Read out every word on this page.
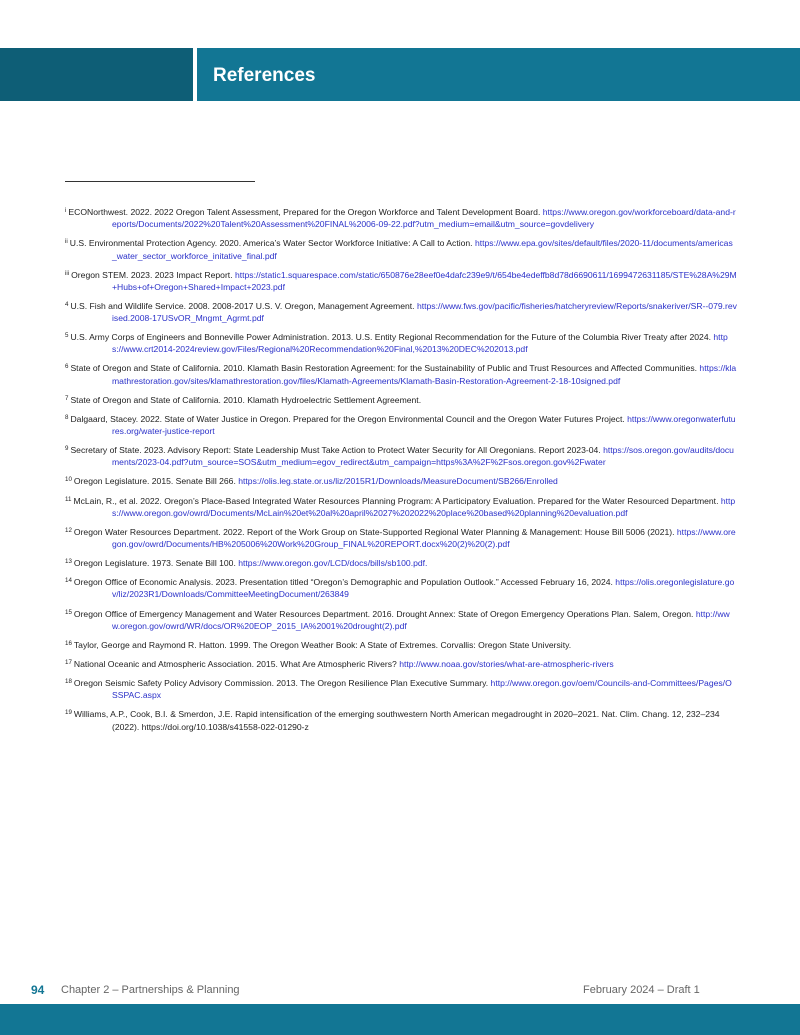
References

$^i$ ECONorthwest. 2022. 2022 Oregon Talent Assessment, Prepared for the Oregon Workforce and Talent Development Board. https://www.oregon.gov/workforceboard/data-and-reports/Documents/2022%20Talent%20Assessment%20FINAL%2006-09-22.pdf?utm_medium=email&utm_source=govdelivery

$^{ii}$ U.S. Environmental Protection Agency. 2020. America’s Water Sector Workforce Initiative: A Call to Action. https://www.epa.gov/sites/default/files/2020-11/documents/americas_water_sector_workforce_initative_final.pdf

$^{iii}$ Oregon STEM. 2023. 2023 Impact Report. https://static1.squarespace.com/static/650876e28eef0e4dafc239e9/t/654be4edeffb8d78d6690611/1699472631185/STE%28A%29M+Hubs+of+Oregon+Shared+Impact+2023.pdf

$^4$ U.S. Fish and Wildlife Service. 2008. 2008-2017 U.S. V. Oregon, Management Agreement. https://www.fws.gov/pacific/fisheries/hatcheryreview/Reports/snakeriver/SR--079.revised.2008-17USvOR_Mngmt_Agrmt.pdf

$^5$ U.S. Army Corps of Engineers and Bonneville Power Administration. 2013. U.S. Entity Regional Recommendation for the Future of the Columbia River Treaty after 2024. https://www.crt2014-2024review.gov/Files/Regional%20Recommendation%20Final,%2013%20DEC%202013.pdf

$^6$ State of Oregon and State of California. 2010. Klamath Basin Restoration Agreement: for the Sustainability of Public and Trust Resources and Affected Communities. https://klamathrestoration.gov/sites/klamathrestoration.gov/files/Klamath-Agreements/Klamath-Basin-Restoration-Agreement-2-18-10signed.pdf

$^7$ State of Oregon and State of California. 2010. Klamath Hydroelectric Settlement Agreement.

$^8$ Dalgaard, Stacey. 2022. State of Water Justice in Oregon. Prepared for the Oregon Environmental Council and the Oregon Water Futures Project. https://www.oregonwaterfutures.org/water-justice-report

$^9$ Secretary of State. 2023. Advisory Report: State Leadership Must Take Action to Protect Water Security for All Oregonians. Report 2023-04. https://sos.oregon.gov/audits/documents/2023-04.pdf?utm_source=SOS&utm_medium=egov_redirect&utm_campaign=https%3A%2F%2Fsos.oregon.gov%2Fwater

$^{10}$ Oregon Legislature. 2015. Senate Bill 266. https://olis.leg.state.or.us/liz/2015R1/Downloads/MeasureDocument/SB266/Enrolled

$^{11}$ McLain, R., et al. 2022. Oregon’s Place-Based Integrated Water Resources Planning Program: A Participatory Evaluation. Prepared for the Water Resourced Department. https://www.oregon.gov/owrd/Documents/McLain%20et%20al%20april%2027%202022%20place%20based%20planning%20evaluation.pdf

$^{12}$ Oregon Water Resources Department. 2022. Report of the Work Group on State-Supported Regional Water Planning & Management: House Bill 5006 (2021). https://www.oregon.gov/owrd/Documents/HB%205006%20Work%20Group_FINAL%20REPORT.docx%20(2)%20(2).pdf

$^{13}$ Oregon Legislature. 1973. Senate Bill 100. https://www.oregon.gov/LCD/docs/bills/sb100.pdf.

$^{14}$ Oregon Office of Economic Analysis. 2023. Presentation titled “Oregon’s Demographic and Population Outlook.” Accessed February 16, 2024. https://olis.oregonlegislature.gov/liz/2023R1/Downloads/CommitteeMeetingDocument/263849

$^{15}$ Oregon Office of Emergency Management and Water Resources Department. 2016. Drought Annex: State of Oregon Emergency Operations Plan. Salem, Oregon. http://www.oregon.gov/owrd/WR/docs/OR%20EOP_2015_IA%2001%20drought(2).pdf

$^{16}$ Taylor, George and Raymond R. Hatton. 1999. The Oregon Weather Book: A State of Extremes. Corvallis: Oregon State University.

$^{17}$ National Oceanic and Atmospheric Association. 2015. What Are Atmospheric Rivers? http://www.noaa.gov/stories/what-are-atmospheric-rivers

$^{18}$ Oregon Seismic Safety Policy Advisory Commission. 2013. The Oregon Resilience Plan Executive Summary. http://www.oregon.gov/oem/Councils-and-Committees/Pages/OSSPAC.aspx

$^{19}$ Williams, A.P., Cook, B.I. & Smerdon, J.E. Rapid intensification of the emerging southwestern North American megadrought in 2020–2021. Nat. Clim. Chang. 12, 232–234 (2022). https://doi.org/10.1038/s41558-022-01290-z

94 Chapter 2 – Partnerships & Planning	February 2024 – Draft 1
